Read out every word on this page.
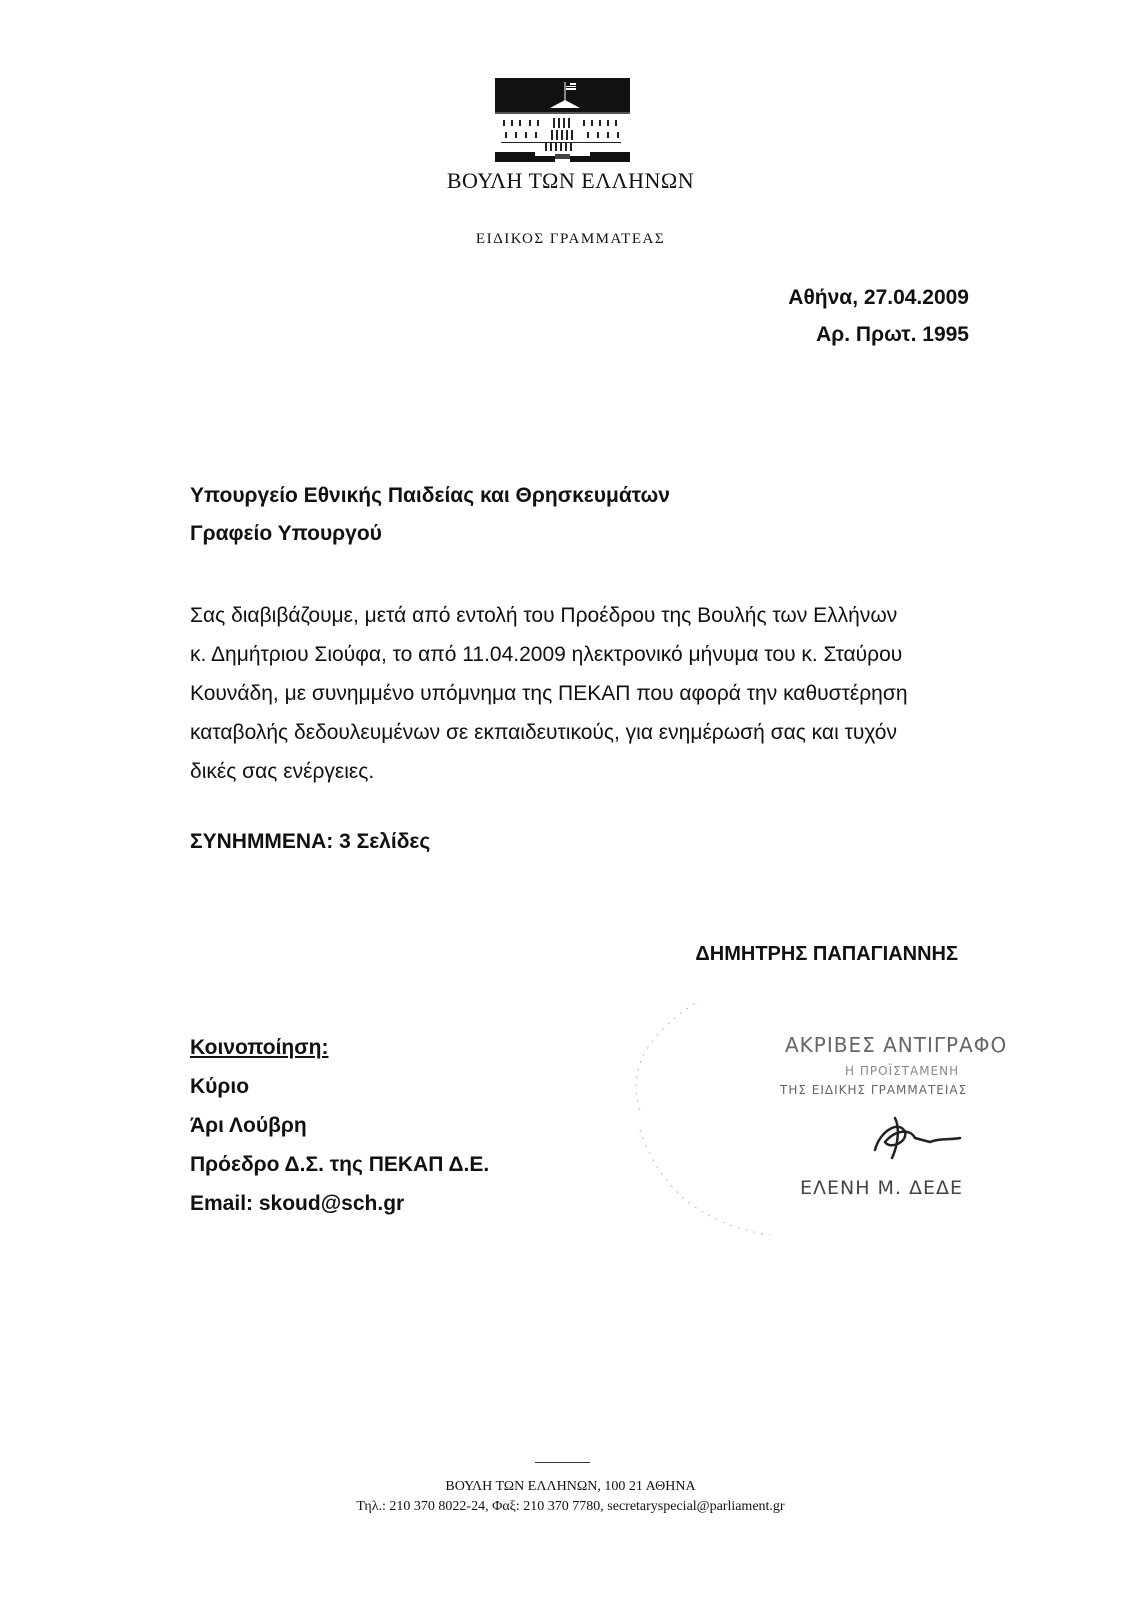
ΒΟΥΛΗ ΤΩΝ ΕΛΛΗΝΩΝ
ΕΙΔΙΚΟΣ ΓΡΑΜΜΑΤΕΑΣ
Αθήνα, 27.04.2009
Αρ. Πρωτ. 1995
Υπουργείο Εθνικής Παιδείας και Θρησκευμάτων
Γραφείο Υπουργού
Σας διαβιβάζουμε, μετά από εντολή του Προέδρου της Βουλής των Ελλήνων
κ. Δημήτριου Σιούφα, το από 11.04.2009 ηλεκτρονικό μήνυμα του κ. Σταύρου
Κουνάδη, με συνημμένο υπόμνημα της ΠΕΚΑΠ που αφορά την καθυστέρηση
καταβολής δεδουλευμένων σε εκπαιδευτικούς, για ενημέρωσή σας και τυχόν
δικές σας ενέργειες.
ΣΥΝΗΜΜΕΝΑ: 3 Σελίδες
ΔΗΜΗΤΡΗΣ ΠΑΠΑΓΙΑΝΝΗΣ
Κοινοποίηση:
Κύριο
Άρι Λούβρη
Πρόεδρο Δ.Σ. της ΠΕΚΑΠ Δ.Ε.
Email: skoud@sch.gr
ΑΚΡΙΒΕΣ ΑΝΤΙΓΡΑΦΟ
Η ΠΡΟΪΣΤΑΜΕΝΗ
ΤΗΣ ΕΙΔΙΚΗΣ ΓΡΑΜΜΑΤΕΙΑΣ
ΕΛΕΝΗ Μ. ΔΕΔΕ
ΒΟΥΛΗ ΤΩΝ ΕΛΛΗΝΩΝ, 100 21 ΑΘΗΝΑ
Τηλ.: 210 370 8022-24, Φαξ: 210 370 7780, secretaryspecial@parliament.gr
